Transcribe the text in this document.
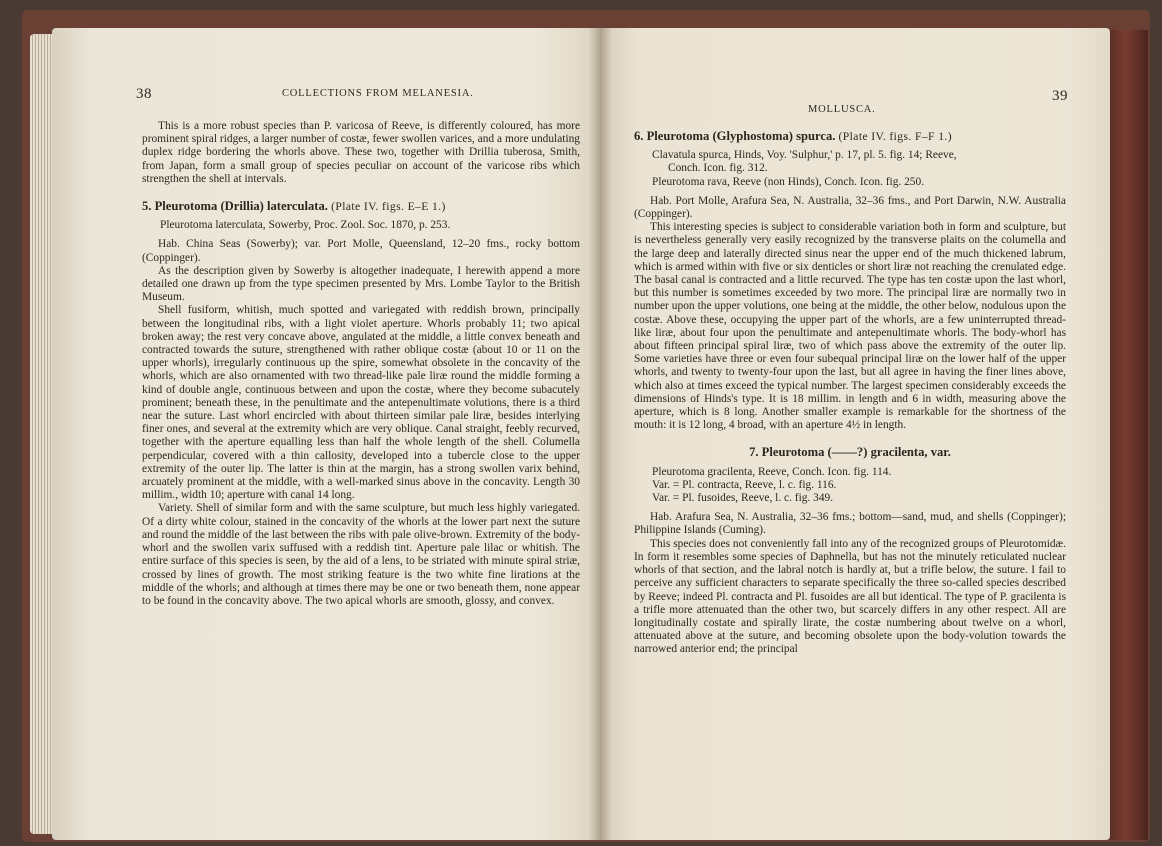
38	COLLECTIONS FROM MELANESIA.

This is a more robust species than P. varicosa of Reeve, is differently coloured, has more prominent spiral ridges, a larger number of costæ, fewer swollen varices, and a more undulating duplex ridge bordering the whorls above. These two, together with Drillia tuberosa, Smith, from Japan, form a small group of species peculiar on account of the varicose ribs which strengthen the shell at intervals.

5. Pleurotoma (Drillia) laterculata. (Plate IV. figs. E–E 1.)

Pleurotoma laterculata, Sowerby, Proc. Zool. Soc. 1870, p. 253.

Hab. China Seas (Sowerby); var. Port Molle, Queensland, 12–20 fms., rocky bottom (Coppinger).

As the description given by Sowerby is altogether inadequate, I herewith append a more detailed one drawn up from the type specimen presented by Mrs. Lombe Taylor to the British Museum.

Shell fusiform, whitish, much spotted and variegated with reddish brown, principally between the longitudinal ribs, with a light violet aperture. Whorls probably 11; two apical broken away; the rest very concave above, angulated at the middle, a little convex beneath and contracted towards the suture, strengthened with rather oblique costæ (about 10 or 11 on the upper whorls), irregularly continuous up the spire, somewhat obsolete in the concavity of the whorls, which are also ornamented with two thread-like pale liræ round the middle forming a kind of double angle, continuous between and upon the costæ, where they become subacutely prominent; beneath these, in the penultimate and the antepenultimate volutions, there is a third near the suture. Last whorl encircled with about thirteen similar pale liræ, besides interlying finer ones, and several at the extremity which are very oblique. Canal straight, feebly recurved, together with the aperture equalling less than half the whole length of the shell. Columella perpendicular, covered with a thin callosity, developed into a tubercle close to the upper extremity of the outer lip. The latter is thin at the margin, has a strong swollen varix behind, arcuately prominent at the middle, with a well-marked sinus above in the concavity. Length 30 millim., width 10; aperture with canal 14 long.

Variety. Shell of similar form and with the same sculpture, but much less highly variegated. Of a dirty white colour, stained in the concavity of the whorls at the lower part next the suture and round the middle of the last between the ribs with pale olive-brown. Extremity of the body-whorl and the swollen varix suffused with a reddish tint. Aperture pale lilac or whitish. The entire surface of this species is seen, by the aid of a lens, to be striated with minute spiral striæ, crossed by lines of growth. The most striking feature is the two white fine lirations at the middle of the whorls; and although at times there may be one or two beneath them, none appear to be found in the concavity above. The two apical whorls are smooth, glossy, and convex.

39
MOLLUSCA.
6. Pleurotoma (Glyphostoma) spurca. (Plate IV. figs. F–F 1.)

Clavatula spurca, Hinds, Voy. 'Sulphur,' p. 17, pl. 5. fig. 14; Reeve,

Conch. Icon. fig. 312.

Pleurotoma rava, Reeve (non Hinds), Conch. Icon. fig. 250.

Hab. Port Molle, Arafura Sea, N. Australia, 32–36 fms., and Port Darwin, N.W. Australia (Coppinger).

This interesting species is subject to considerable variation both in form and sculpture, but is nevertheless generally very easily recognized by the transverse plaits on the columella and the large deep and laterally directed sinus near the upper end of the much thickened labrum, which is armed within with five or six denticles or short liræ not reaching the crenulated edge. The basal canal is contracted and a little recurved. The type has ten costæ upon the last whorl, but this number is sometimes exceeded by two more. The principal liræ are normally two in number upon the upper volutions, one being at the middle, the other below, nodulous upon the costæ. Above these, occupying the upper part of the whorls, are a few uninterrupted thread-like liræ, about four upon the penultimate and antepenultimate whorls. The body-whorl has about fifteen principal spiral liræ, two of which pass above the extremity of the outer lip. Some varieties have three or even four subequal principal liræ on the lower half of the upper whorls, and twenty to twenty-four upon the last, but all agree in having the finer lines above, which also at times exceed the typical number. The largest specimen considerably exceeds the dimensions of Hinds's type. It is 18 millim. in length and 6 in width, measuring above the aperture, which is 8 long. Another smaller example is remarkable for the shortness of the mouth: it is 12 long, 4 broad, with an aperture 4½ in length.

7. Pleurotoma (——?) gracilenta, var.

Pleurotoma gracilenta, Reeve, Conch. Icon. fig. 114.

Var. = Pl. contracta, Reeve, l. c. fig. 116.

Var. = Pl. fusoides, Reeve, l. c. fig. 349.

Hab. Arafura Sea, N. Australia, 32–36 fms.; bottom—sand, mud, and shells (Coppinger); Philippine Islands (Cuming).

This species does not conveniently fall into any of the recognized groups of Pleurotomidæ. In form it resembles some species of Daphnella, but has not the minutely reticulated nuclear whorls of that section, and the labral notch is hardly at, but a trifle below, the suture. I fail to perceive any sufficient characters to separate specifically the three so-called species described by Reeve; indeed Pl. contracta and Pl. fusoides are all but identical. The type of P. gracilenta is a trifle more attenuated than the other two, but scarcely differs in any other respect. All are longitudinally costate and spirally lirate, the costæ numbering about twelve on a whorl, attenuated above at the suture, and becoming obsolete upon the body-volution towards the narrowed anterior end; the principal
